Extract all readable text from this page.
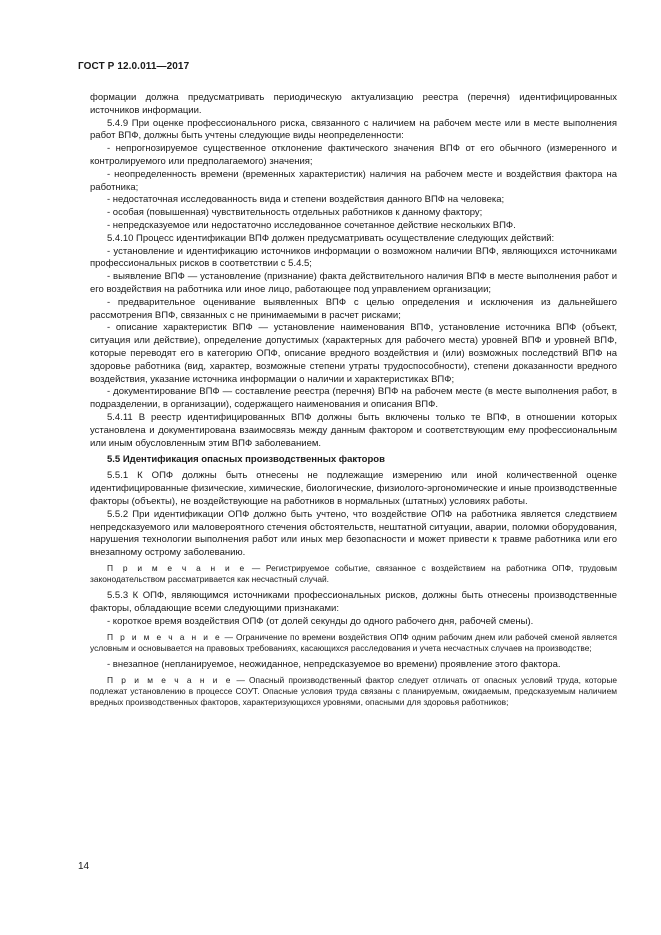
ГОСТ Р 12.0.011—2017

формации должна предусматривать периодическую актуализацию реестра (перечня) идентифицированных источников информации.

5.4.9 При оценке профессионального риска, связанного с наличием на рабочем месте или в месте выполнения работ ВПФ, должны быть учтены следующие виды неопределенности:

- непрогнозируемое существенное отклонение фактического значения ВПФ от его обычного (измеренного и контролируемого или предполагаемого) значения;

- неопределенность времени (временных характеристик) наличия на рабочем месте и воздействия фактора на работника;

- недостаточная исследованность вида и степени воздействия данного ВПФ на человека;

- особая (повышенная) чувствительность отдельных работников к данному фактору;

- непредсказуемое или недостаточно исследованное сочетанное действие нескольких ВПФ.

5.4.10 Процесс идентификации ВПФ должен предусматривать осуществление следующих действий:

- установление и идентификацию источников информации о возможном наличии ВПФ, являющихся источниками профессиональных рисков в соответствии с 5.4.5;

- выявление ВПФ — установление (признание) факта действительного наличия ВПФ в месте выполнения работ и его воздействия на работника или иное лицо, работающее под управлением организации;

- предварительное оценивание выявленных ВПФ с целью определения и исключения из дальнейшего рассмотрения ВПФ, связанных с не принимаемыми в расчет рисками;

- описание характеристик ВПФ — установление наименования ВПФ, установление источника ВПФ (объект, ситуация или действие), определение допустимых (характерных для рабочего места) уровней ВПФ и уровней ВПФ, которые переводят его в категорию ОПФ, описание вредного воздействия и (или) возможных последствий ВПФ на здоровье работника (вид, характер, возможные степени утраты трудоспособности), степени доказанности вредного воздействия, указание источника информации о наличии и характеристиках ВПФ;

- документирование ВПФ — составление реестра (перечня) ВПФ на рабочем месте (в месте выполнения работ, в подразделении, в организации), содержащего наименования и описания ВПФ.

5.4.11 В реестр идентифицированных ВПФ должны быть включены только те ВПФ, в отношении которых установлена и документирована взаимосвязь между данным фактором и соответствующим ему профессиональным или иным обусловленным этим ВПФ заболеванием.

5.5 Идентификация опасных производственных факторов

5.5.1 К ОПФ должны быть отнесены не подлежащие измерению или иной количественной оценке идентифицированные физические, химические, биологические, физиолого-эргономические и иные производственные факторы (объекты), не воздействующие на работников в нормальных (штатных) условиях работы.

5.5.2 При идентификации ОПФ должно быть учтено, что воздействие ОПФ на работника является следствием непредсказуемого или маловероятного стечения обстоятельств, нештатной ситуации, аварии, поломки оборудования, нарушения технологии выполнения работ или иных мер безопасности и может привести к травме работника или его внезапному острому заболеванию.

П р и м е ч а н и е — Регистрируемое событие, связанное с воздействием на работника ОПФ, трудовым законодательством рассматривается как несчастный случай.

5.5.3 К ОПФ, являющимся источниками профессиональных рисков, должны быть отнесены производственные факторы, обладающие всеми следующими признаками:

- короткое время воздействия ОПФ (от долей секунды до одного рабочего дня, рабочей смены).

П р и м е ч а н и е — Ограничение по времени воздействия ОПФ одним рабочим днем или рабочей сменой является условным и основывается на правовых требованиях, касающихся расследования и учета несчастных случаев на производстве;

- внезапное (непланируемое, неожиданное, непредсказуемое во времени) проявление этого фактора.

П р и м е ч а н и е — Опасный производственный фактор следует отличать от опасных условий труда, которые подлежат установлению в процессе СОУТ. Опасные условия труда связаны с планируемым, ожидаемым, предсказуемым наличием вредных производственных факторов, характеризующихся уровнями, опасными для здоровья работников;

14
